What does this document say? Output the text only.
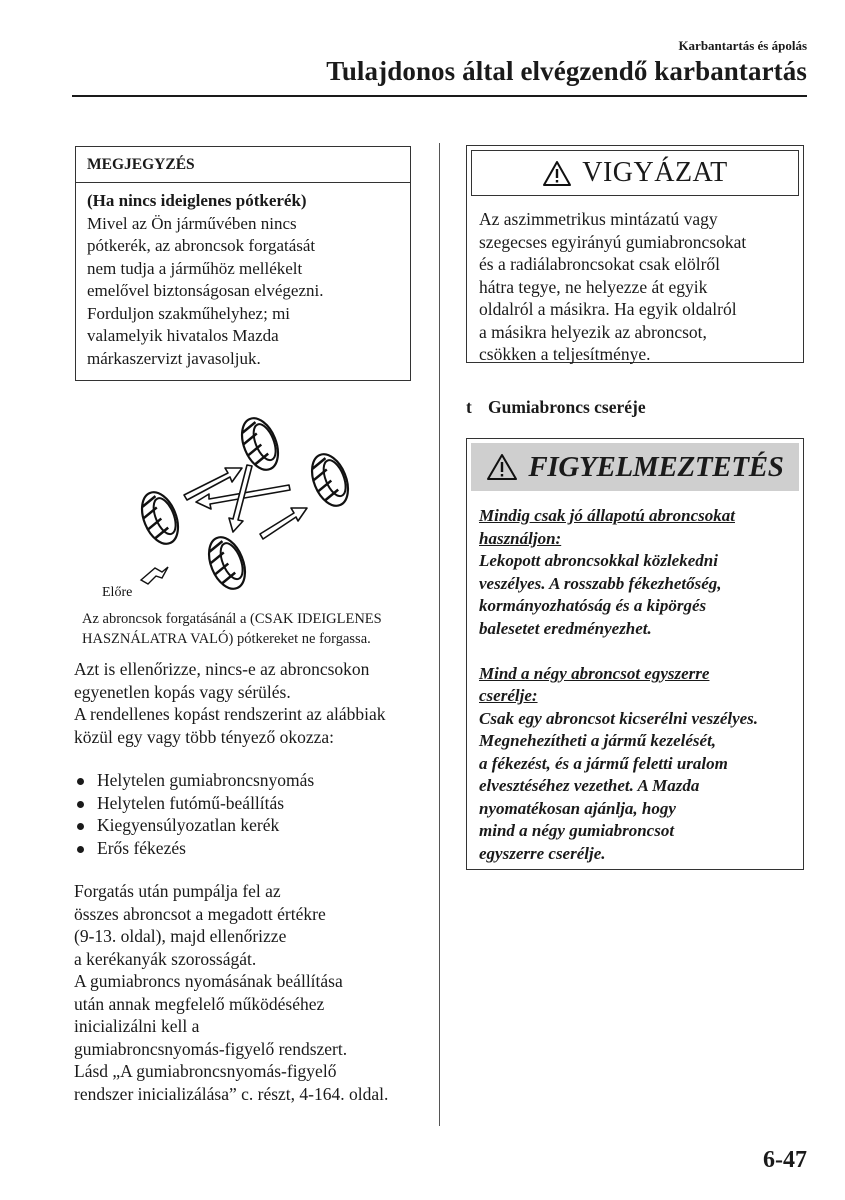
Karbantartás és ápolás
Tulajdonos által elvégzendő karbantartás
MEGJEGYZÉS
(Ha nincs ideiglenes pótkerék)
Mivel az Ön járművében nincs
pótkerék, az abroncsok forgatását
nem tudja a járműhöz mellékelt
emelővel biztonságosan elvégezni.
Forduljon szakműhelyhez; mi
valamelyik hivatalos Mazda
márkaszervizt javasoljuk.
Előre
Az abroncsok forgatásánál a (CSAK IDEIGLENES
HASZNÁLATRA VALÓ) pótkereket ne forgassa.
Azt is ellenőrizze, nincs-e az abroncsokon
egyenetlen kopás vagy sérülés.
A rendellenes kopást rendszerint az alábbiak
közül egy vagy több tényező okozza:
Helytelen gumiabroncsnyomás
Helytelen futómű-beállítás
Kiegyensúlyozatlan kerék
Erős fékezés
Forgatás után pumpálja fel az
összes abroncsot a megadott értékre
(9-13. oldal), majd ellenőrizze
a kerékanyák szorosságát.
A gumiabroncs nyomásának beállítása
után annak megfelelő működéséhez
inicializálni kell a
gumiabroncsnyomás-figyelő rendszert.
Lásd „A gumiabroncsnyomás-figyelő
rendszer inicializálása” c. részt, 4-164. oldal.
VIGYÁZAT
Az aszimmetrikus mintázatú vagy
szegecses egyirányú gumiabroncsokat
és a radiálabroncsokat csak elölről
hátra tegye, ne helyezze át egyik
oldalról a másikra. Ha egyik oldalról
a másikra helyezik az abroncsot,
csökken a teljesítménye.
t Gumiabroncs cseréje
FIGYELMEZTETÉS
Mindig csak jó állapotú abroncsokat
használjon:
Lekopott abroncsokkal közlekedni
veszélyes. A rosszabb fékezhetőség,
kormányozhatóság és a kipörgés
balesetet eredményezhet.
Mind a négy abroncsot egyszerre
cserélje:
Csak egy abroncsot kicserélni veszélyes.
Megnehezítheti a jármű kezelését,
a fékezést, és a jármű feletti uralom
elvesztéséhez vezethet. A Mazda
nyomatékosan ajánlja, hogy
mind a négy gumiabroncsot
egyszerre cserélje.
6-47
